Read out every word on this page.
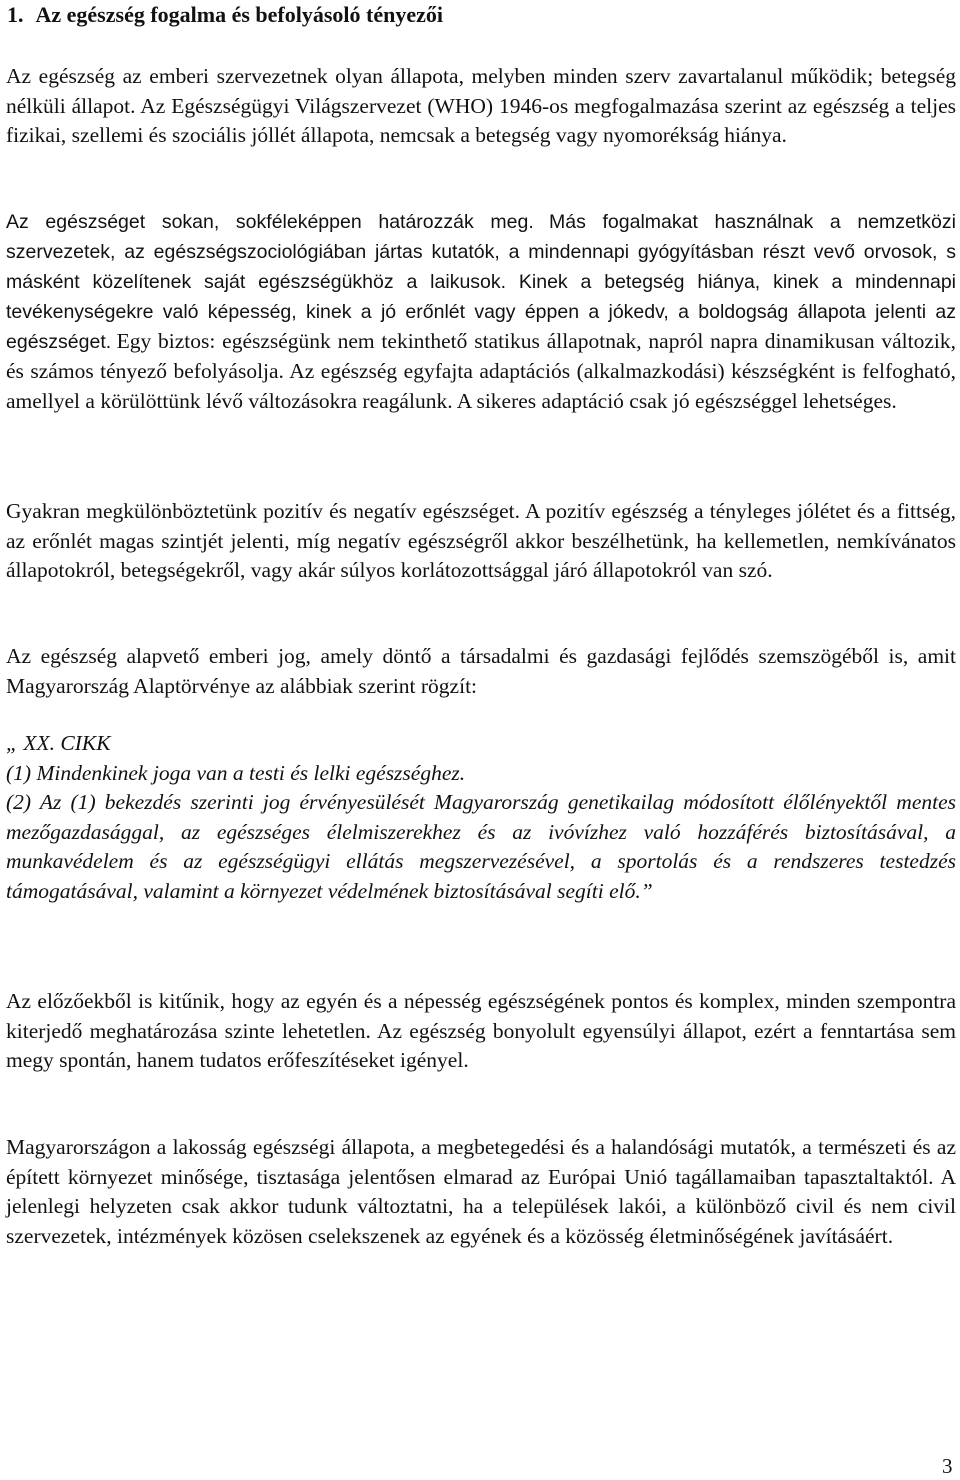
1. Az egészség fogalma és befolyásoló tényezői

Az egészség az emberi szervezetnek olyan állapota, melyben minden szerv zavartalanul működik; betegség nélküli állapot. Az Egészségügyi Világszervezet (WHO) 1946-os megfogalmazása szerint az egészség a teljes fizikai, szellemi és szociális jóllét állapota, nemcsak a betegség vagy nyomorékság hiánya.

Az egészséget sokan, sokféleképpen határozzák meg. Más fogalmakat használnak a nemzetközi szervezetek, az egészségszociológiában jártas kutatók, a mindennapi gyógyításban részt vevő orvosok, s másként közelítenek saját egészségükhöz a laikusok. Kinek a betegség hiánya, kinek a mindennapi tevékenységekre való képesség, kinek a jó erőnlét vagy éppen a jókedv, a boldogság állapota jelenti az egészséget. Egy biztos: egészségünk nem tekinthető statikus állapotnak, napról napra dinamikusan változik, és számos tényező befolyásolja. Az egészség egyfajta adaptációs (alkalmazkodási) készségként is felfogható, amellyel a körülöttünk lévő változásokra reagálunk. A sikeres adaptáció csak jó egészséggel lehetséges.

Gyakran megkülönböztetünk pozitív és negatív egészséget. A pozitív egészség a tényleges jólétet és a fittség, az erőnlét magas szintjét jelenti, míg negatív egészségről akkor beszélhetünk, ha kellemetlen, nemkívánatos állapotokról, betegségekről, vagy akár súlyos korlátozottsággal járó állapotokról van szó.

Az egészség alapvető emberi jog, amely döntő a társadalmi és gazdasági fejlődés szemszögéből is, amit Magyarország Alaptörvénye az alábbiak szerint rögzít:

„ XX. CIKK
(1) Mindenkinek joga van a testi és lelki egészséghez.
(2) Az (1) bekezdés szerinti jog érvényesülését Magyarország genetikailag módosított élőlényektől mentes mezőgazdasággal, az egészséges élelmiszerekhez és az ivóvízhez való hozzáférés biztosításával, a munkavédelem és az egészségügyi ellátás megszervezésével, a sportolás és a rendszeres testedzés támogatásával, valamint a környezet védelmének biztosításával segíti elő.”

Az előzőekből is kitűnik, hogy az egyén és a népesség egészségének pontos és komplex, minden szempontra kiterjedő meghatározása szinte lehetetlen. Az egészség bonyolult egyensúlyi állapot, ezért a fenntartása sem megy spontán, hanem tudatos erőfeszítéseket igényel.

Magyarországon a lakosság egészségi állapota, a megbetegedési és a halandósági mutatók, a természeti és az épített környezet minősége, tisztasága jelentősen elmarad az Európai Unió tagállamaiban tapasztaltaktól. A jelenlegi helyzeten csak akkor tudunk változtatni, ha a települések lakói, a különböző civil és nem civil szervezetek, intézmények közösen cselekszenek az egyének és a közösség életminőségének javításáért.

3
